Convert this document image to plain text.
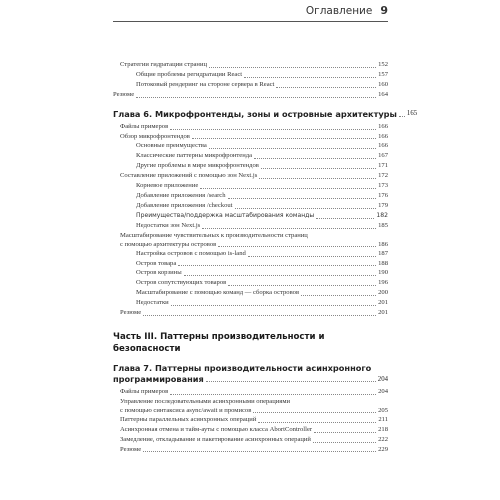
Оглавление 9
Стратегии гидратации страниц	152
Общие проблемы регидратации React	157
Потоковый рендеринг на стороне сервера в React	160
Резюме	164
Глава 6. Микрофронтенды, зоны и островные архитектуры 165
Файлы примеров	166
Обзор микрофронтендов	166
Основные преимущества	166
Классические паттерны микрофронтенда	167
Другие проблемы в мире микрофронтендов	171
Составление приложений с помощью зон Next.js	172
Корневое приложение	173
Добавление приложения /search	176
Добавление приложения /checkout	179
Преимущества/поддержка масштабирования команды	182
Недостатки зон Next.js	185
Масштабирование чувствительных к производительности страниц
с помощью архитектуры островов	186
Настройка островов с помощью is-land	187
Остров товара	188
Остров корзины	190
Остров сопутствующих товаров	196
Масштабирование с помощью команд — сборка островов	200
Недостатки	201
Резюме	201
Часть III. Паттерны производительности и безопасности
Глава 7. Паттерны производительности асинхронного
программирования	204
Файлы примеров	204
Управление последовательными асинхронными операциями
с помощью синтаксиса async/await и промисов	205
Паттерны параллельных асинхронных операций	211
Асинхронная отмена и тайм-ауты с помощью класса AbortController	218
Замедление, откладывание и пакетирование асинхронных операций	222
Резюме	229
